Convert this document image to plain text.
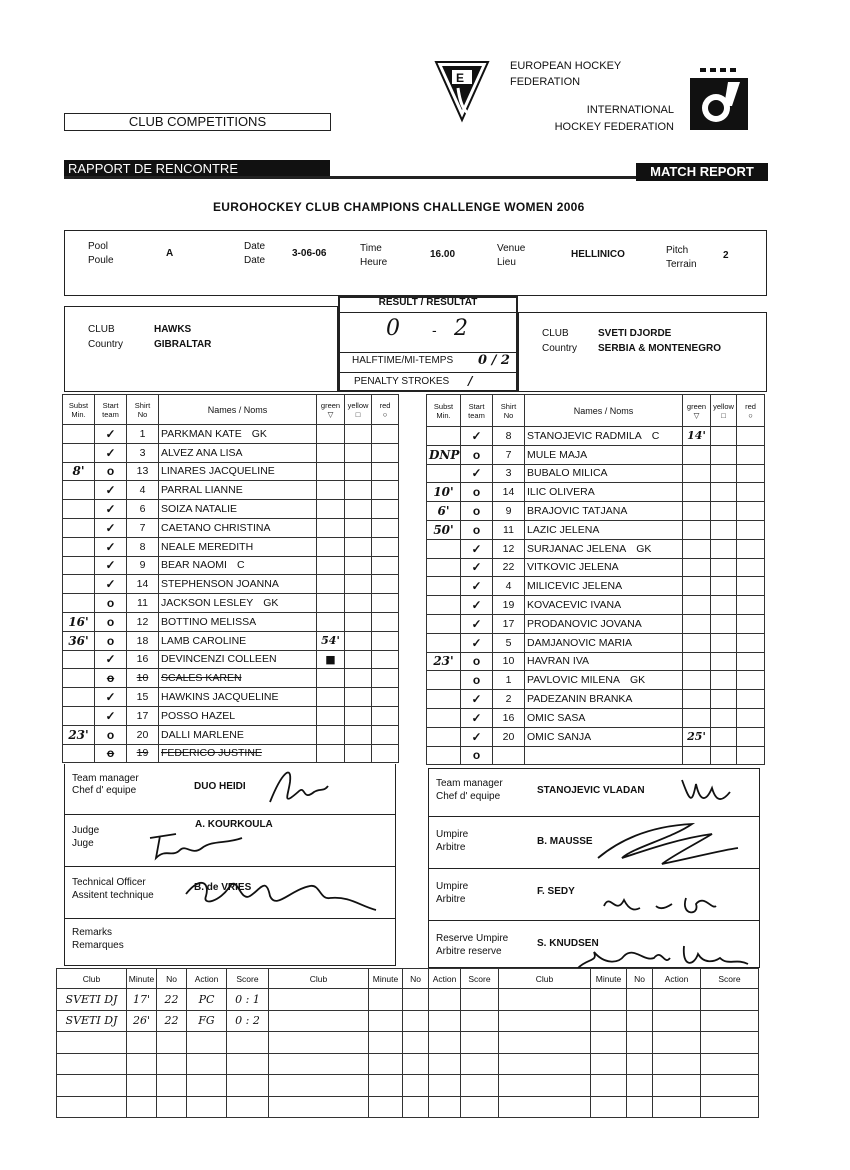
E
EUROPEAN HOCKEY
FEDERATION
INTERNATIONAL
HOCKEY FEDERATION
CLUB COMPETITIONS
RAPPORT DE RENCONTRE	MATCH REPORT
EUROHOCKEY CLUB CHAMPIONS CHALLENGE WOMEN 2006
Pool
Poule
A
Date
Date
3-06-06	Time
Heure
16.00
Venue
Lieu
HELLINICO	Pitch
Terrain
2
CLUB
Country
HAWKS
GIBRALTAR
RESULT / RESULTAT
0 - 2
HALFTIME/MI-TEMPS 0 / 2
PENALTY STROKES /
CLUB
Country
SVETI DJORDE
SERBIA & MONTENEGRO
Subst
Min.	Start
team	Shirt
No	Names / Noms	green
▽	yellow
□	red
○
	✓	1	PARKMAN KATE GK			
	✓	3	ALVEZ ANA LISA			
8'	o	13	LINARES JACQUELINE			
	✓	4	PARRAL LIANNE			
	✓	6	SOIZA NATALIE			
	✓	7	CAETANO CHRISTINA			
	✓	8	NEALE MEREDITH			
	✓	9	BEAR NAOMI C			
	✓	14	STEPHENSON JOANNA			
	o	11	JACKSON LESLEY GK			
16'	o	12	BOTTINO MELISSA			
36'	o	18	LAMB CAROLINE	54'		
	✓	16	DEVINCENZI COLLEEN	■		
	o	10	SCALES KAREN			
	✓	15	HAWKINS JACQUELINE			
	✓	17	POSSO HAZEL			
23'	o	20	DALLI MARLENE			
	o	19	FEDERICO JUSTINE			
Subst
Min.	Start
team	Shirt
No	Names / Noms	green
▽	yellow
□	red
○
	✓	8	STANOJEVIC RADMILA C	14'		
DNP	o	7	MULE MAJA			
	✓	3	BUBALO MILICA			
10'	o	14	ILIC OLIVERA			
6'	o	9	BRAJOVIC TATJANA			
50'	o	11	LAZIC JELENA			
	✓	12	SURJANAC JELENA GK			
	✓	22	VITKOVIC JELENA			
	✓	4	MILICEVIC JELENA			
	✓	19	KOVACEVIC IVANA			
	✓	17	PRODANOVIC JOVANA			
	✓	5	DAMJANOVIC MARIA			
23'	o	10	HAVRAN IVA			
	o	1	PAVLOVIC MILENA GK			
	✓	2	PADEZANIN BRANKA			
	✓	16	OMIC SASA			
	✓	20	OMIC SANJA	25'		
	o					
Team manager
Chef d' equipe	DUO HEIDI
Judge
Juge
A. KOURKOULA
Technical Officer
Assitent technique
B. de VRIES
Remarks
Remarques
Team manager
Chef d' equipe
STANOJEVIC VLADAN
Umpire
Arbitre
B. MAUSSE
Umpire
Arbitre
F. SEDY
Reserve Umpire
Arbitre reserve
S. KNUDSEN
Club	Minute	No	Action	Score	Club	Minute	No	Action	Score	Club	Minute	No	Action	Score
SVETI DJ	17'	22	PC	0 : 1										
SVETI DJ	26'	22	FG	0 : 2										
